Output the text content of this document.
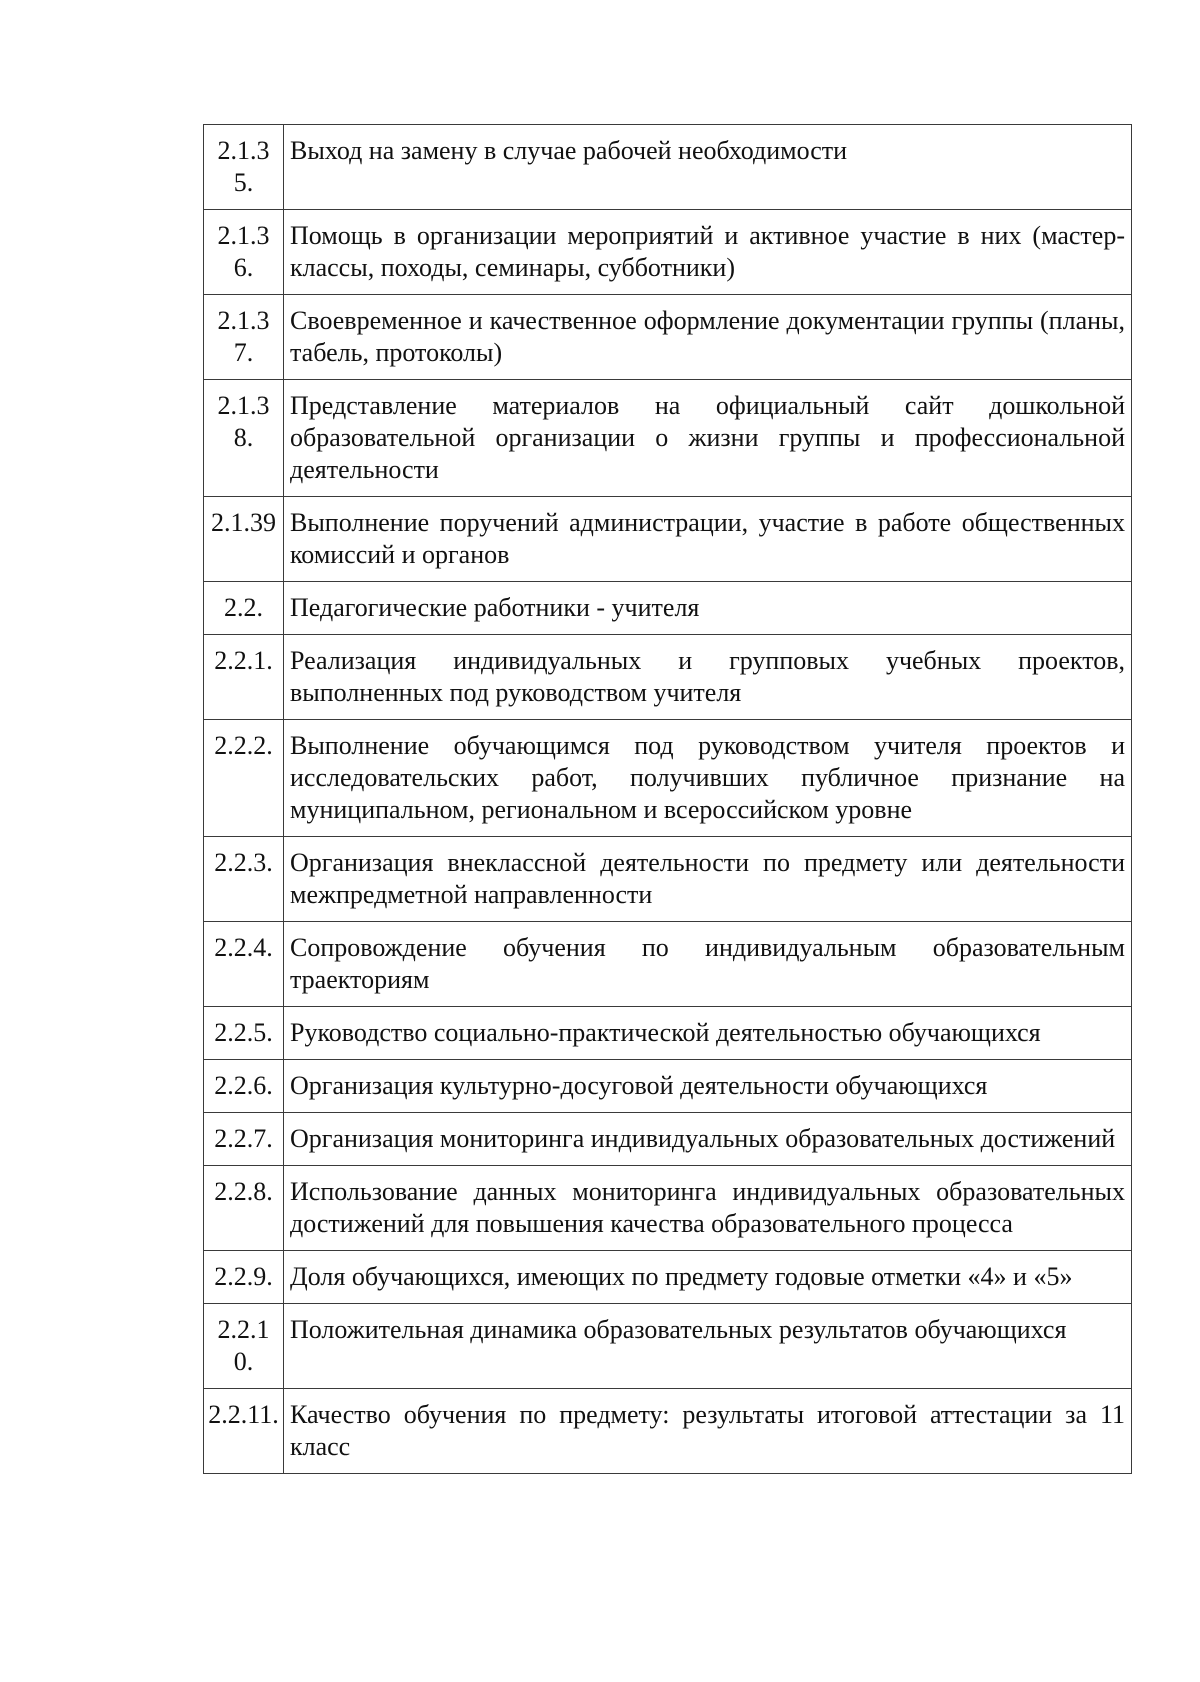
2.1.35.	Выход на замену в случае рабочей необходимости
2.1.36.	Помощь в организации мероприятий и активное участие в них (мастер-классы, походы, семинары, субботники)
2.1.37.	Своевременное и качественное оформление документации группы (планы, табель, протоколы)
2.1.38.	Представление материалов на официальный сайт дошкольной образовательной организации о жизни группы и профессиональной деятельности
2.1.39	Выполнение поручений администрации, участие в работе общественных комиссий и органов
2.2.	Педагогические работники - учителя
2.2.1.	Реализация индивидуальных и групповых учебных проектов, выполненных под руководством учителя
2.2.2.	Выполнение обучающимся под руководством учителя проектов и исследовательских работ, получивших публичное признание на муниципальном, региональном и всероссийском уровне
2.2.3.	Организация внеклассной деятельности по предмету или деятельности межпредметной направленности
2.2.4.	Сопровождение обучения по индивидуальным образовательным траекториям
2.2.5.	Руководство социально-практической деятельностью обучающихся
2.2.6.	Организация культурно-досуговой деятельности обучающихся
2.2.7.	Организация мониторинга индивидуальных образовательных достижений
2.2.8.	Использование данных мониторинга индивидуальных образовательных достижений для повышения качества образовательного процесса
2.2.9.	Доля обучающихся, имеющих по предмету годовые отметки «4» и «5»
2.2.10.	Положительная динамика образовательных результатов обучающихся
2.2.11.	Качество обучения по предмету: результаты итоговой аттестации за 11 класс
